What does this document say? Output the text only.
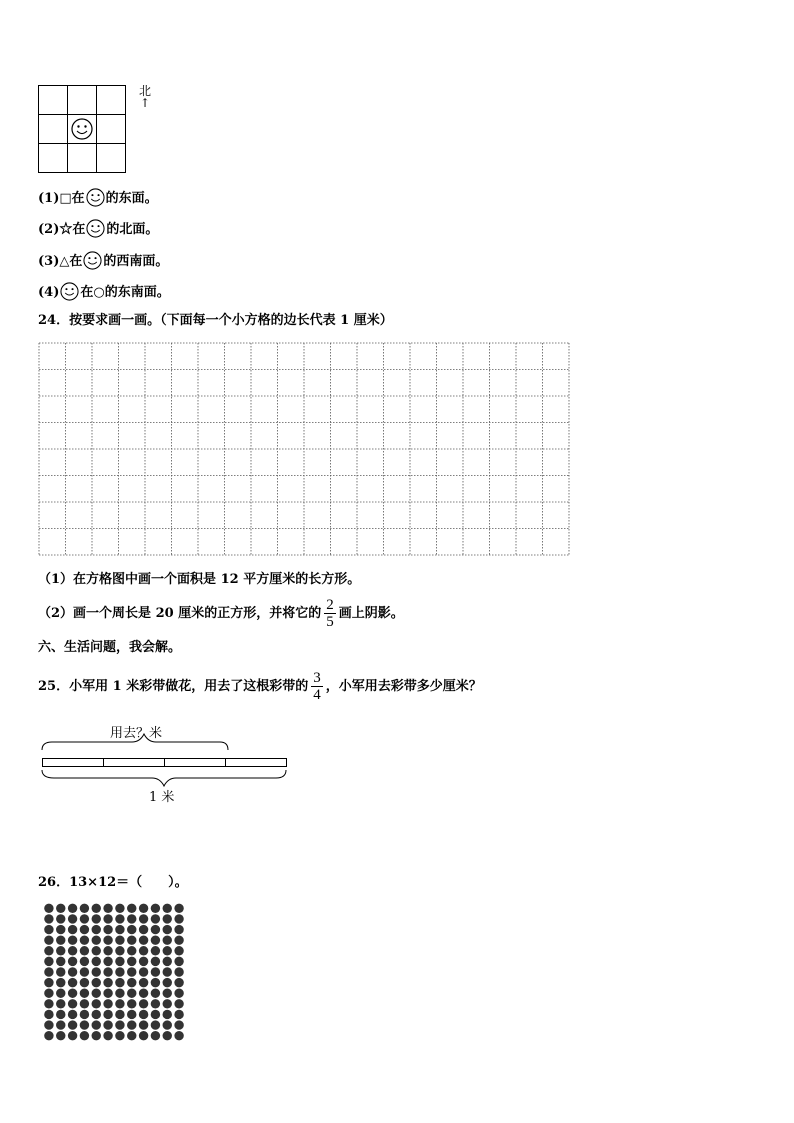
北
↑
(1)□在 的东面。
(2)☆在 的北面。
(3)△在 的西南面。
(4) 在○的东南面。
24．按要求画一画。（下面每一个小方格的边长代表 1 厘米）
（1）在方格图中画一个面积是 12 平方厘米的长方形。
（2）画一个周长是 20 厘米的正方形，并将它的 $\frac{2}{5}$ 画上阴影。
六、生活问题，我会解。
25．小军用 1 米彩带做花，用去了这根彩带的 $\frac{3}{4}$ ，小军用去彩带多少厘米？
用去？米
1 米
26．13×12＝（　　）。
